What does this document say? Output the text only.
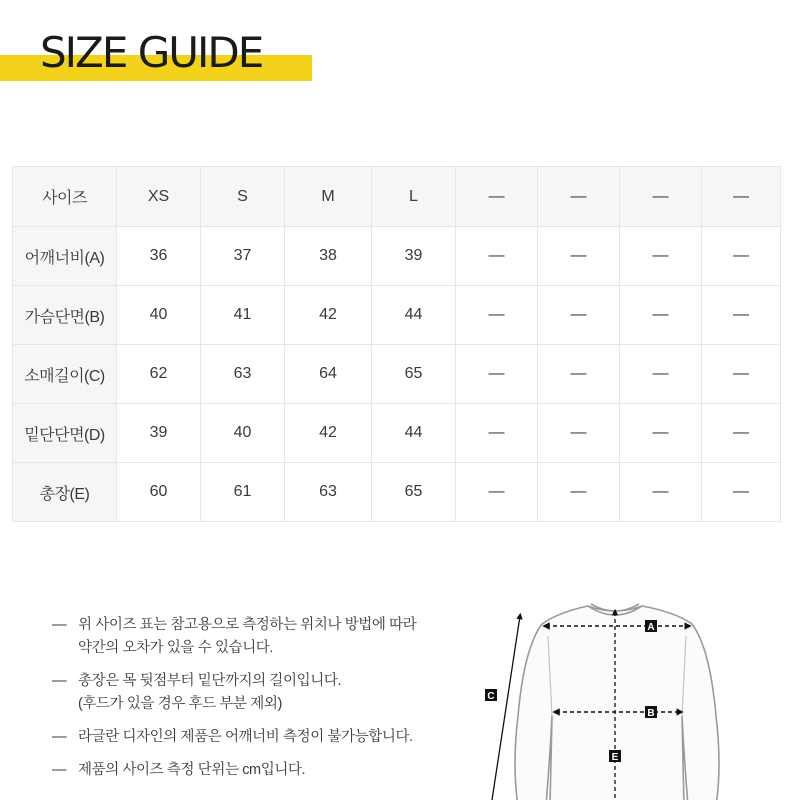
SIZE GUIDE
사이즈	XS	S	M	L	—	—	—	—
어깨너비(A)	36	37	38	39	—	—	—	—
가슴단면(B)	40	41	42	44	—	—	—	—
소매길이(C)	62	63	64	65	—	—	—	—
밑단단면(D)	39	40	42	44	—	—	—	—
총장(E)	60	61	63	65	—	—	—	—
— 위 사이즈 표는 참고용으로 측정하는 위치나 방법에 따라
약간의 오차가 있을 수 있습니다.
— 총장은 목 뒷점부터 밑단까지의 길이입니다.
(후드가 있을 경우 후드 부분 제외)
— 라글란 디자인의 제품은 어깨너비 측정이 불가능합니다.
— 제품의 사이즈 측정 단위는 cm입니다.
A
B
C
E
